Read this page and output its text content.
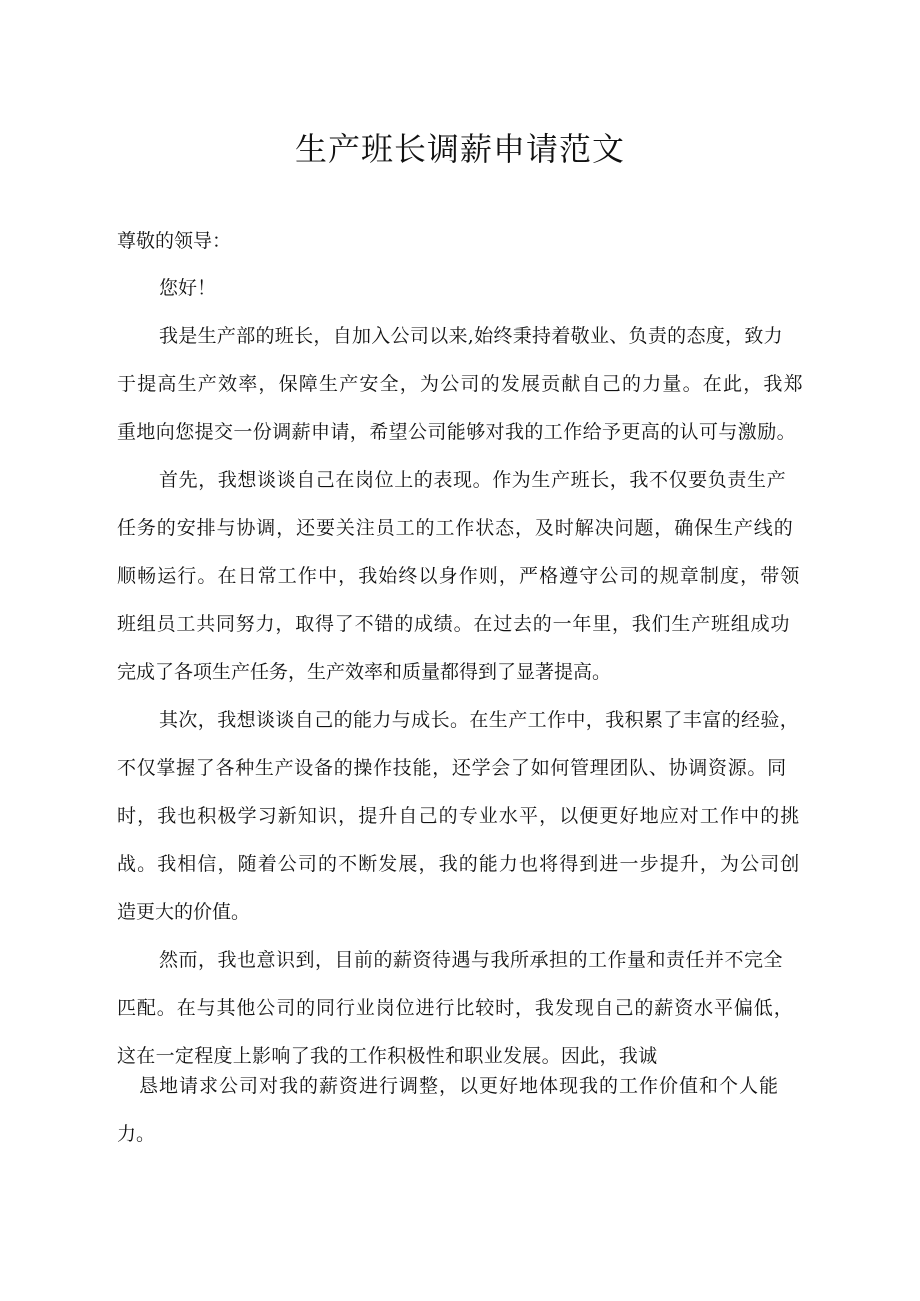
生产班长调薪申请范文
尊敬的领导：
您好！
我是生产部的班长，自加入公司以来,始终秉持着敬业、负责的态度，致力
于提高生产效率，保障生产安全，为公司的发展贡献自己的力量。在此，我郑
重地向您提交一份调薪申请，希望公司能够对我的工作给予更高的认可与激励。
首先，我想谈谈自己在岗位上的表现。作为生产班长，我不仅要负责生产
任务的安排与协调，还要关注员工的工作状态，及时解决问题，确保生产线的
顺畅运行。在日常工作中，我始终以身作则，严格遵守公司的规章制度，带领
班组员工共同努力，取得了不错的成绩。在过去的一年里，我们生产班组成功
完成了各项生产任务，生产效率和质量都得到了显著提高。
其次，我想谈谈自己的能力与成长。在生产工作中，我积累了丰富的经验，
不仅掌握了各种生产设备的操作技能，还学会了如何管理团队、协调资源。同
时，我也积极学习新知识，提升自己的专业水平，以便更好地应对工作中的挑
战。我相信，随着公司的不断发展，我的能力也将得到进一步提升，为公司创
造更大的价值。
然而，我也意识到，目前的薪资待遇与我所承担的工作量和责任并不完全
匹配。在与其他公司的同行业岗位进行比较时，我发现自己的薪资水平偏低，
这在一定程度上影响了我的工作积极性和职业发展。因此，我诚
恳地请求公司对我的薪资进行调整，以更好地体现我的工作价值和个人能
力。
